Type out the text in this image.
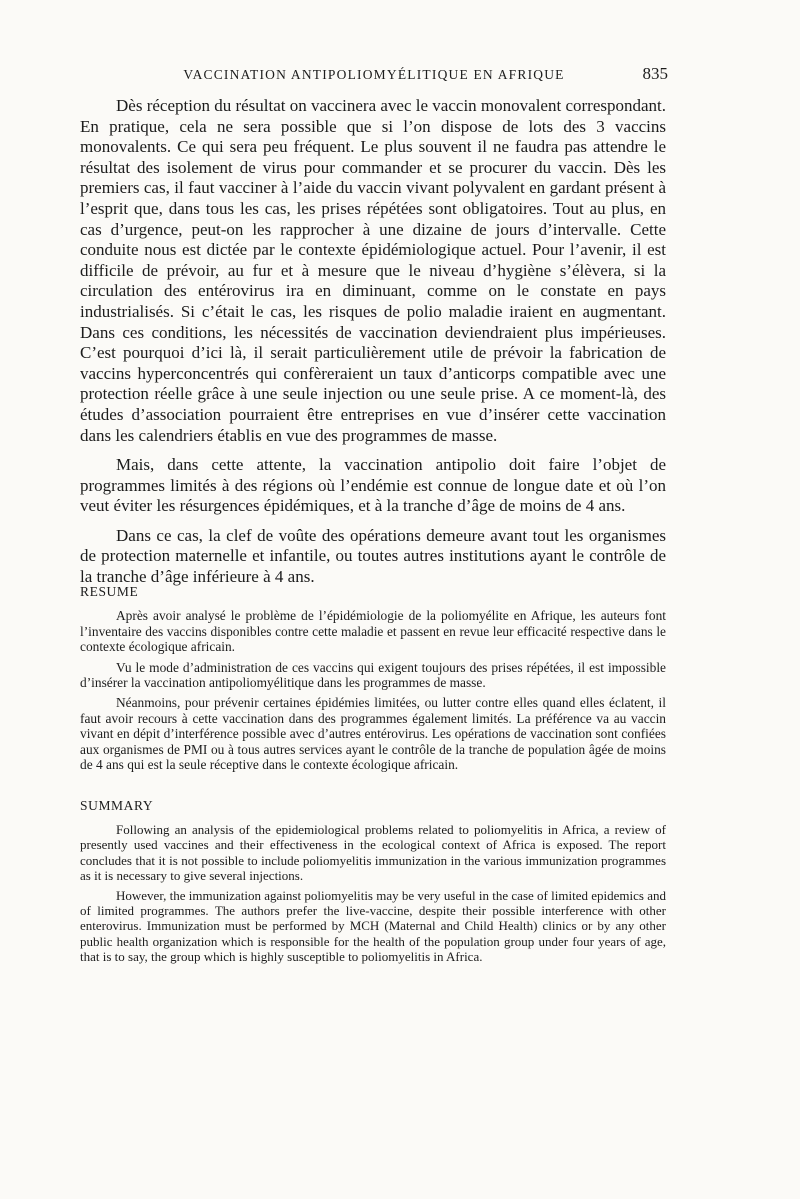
VACCINATION ANTIPOLIOMYÉLITIQUE EN AFRIQUE	835

Dès réception du résultat on vaccinera avec le vaccin monovalent correspondant. En pratique, cela ne sera possible que si l’on dispose de lots des 3 vaccins monovalents. Ce qui sera peu fréquent. Le plus souvent il ne faudra pas attendre le résultat des isolement de virus pour commander et se procurer du vaccin. Dès les premiers cas, il faut vacciner à l’aide du vaccin vivant polyvalent en gardant présent à l’esprit que, dans tous les cas, les prises répétées sont obligatoires. Tout au plus, en cas d’urgence, peut-on les rapprocher à une dizaine de jours d’intervalle. Cette conduite nous est dictée par le contexte épidémiologique actuel. Pour l’avenir, il est difficile de prévoir, au fur et à mesure que le niveau d’hygiène s’élèvera, si la circulation des entérovirus ira en diminuant, comme on le constate en pays industrialisés. Si c’était le cas, les risques de polio maladie iraient en augmentant. Dans ces conditions, les nécessités de vaccination deviendraient plus impérieuses. C’est pourquoi d’ici là, il serait particulièrement utile de prévoir la fabrication de vaccins hyperconcentrés qui confèreraient un taux d’anticorps compatible avec une protection réelle grâce à une seule injection ou une seule prise. A ce moment-là, des études d’association pourraient être entreprises en vue d’insérer cette vaccination dans les calendriers établis en vue des programmes de masse.

Mais, dans cette attente, la vaccination antipolio doit faire l’objet de programmes limités à des régions où l’endémie est connue de longue date et où l’on veut éviter les résurgences épidémiques, et à la tranche d’âge de moins de 4 ans.

Dans ce cas, la clef de voûte des opérations demeure avant tout les organismes de protection maternelle et infantile, ou toutes autres institutions ayant le contrôle de la tranche d’âge inférieure à 4 ans.

RESUME

Après avoir analysé le problème de l’épidémiologie de la poliomyélite en Afrique, les auteurs font l’inventaire des vaccins disponibles contre cette maladie et passent en revue leur efficacité respective dans le contexte écologique africain.

Vu le mode d’administration de ces vaccins qui exigent toujours des prises répétées, il est impossible d’insérer la vaccination antipoliomyélitique dans les programmes de masse.

Néanmoins, pour prévenir certaines épidémies limitées, ou lutter contre elles quand elles éclatent, il faut avoir recours à cette vaccination dans des programmes également limités. La préférence va au vaccin vivant en dépit d’interférence possible avec d’autres entérovirus. Les opérations de vaccination sont confiées aux organismes de PMI ou à tous autres services ayant le contrôle de la tranche de population âgée de moins de 4 ans qui est la seule réceptive dans le contexte écologique africain.

SUMMARY

Following an analysis of the epidemiological problems related to poliomyelitis in Africa, a review of presently used vaccines and their effectiveness in the ecological context of Africa is exposed. The report concludes that it is not possible to include poliomyelitis immunization in the various immunization programmes as it is necessary to give several injections.

However, the immunization against poliomyelitis may be very useful in the case of limited epidemics and of limited programmes. The authors prefer the live-vaccine, despite their possible interference with other enterovirus. Immunization must be performed by MCH (Maternal and Child Health) clinics or by any other public health organization which is responsible for the health of the population group under four years of age, that is to say, the group which is highly susceptible to poliomyelitis in Africa.
